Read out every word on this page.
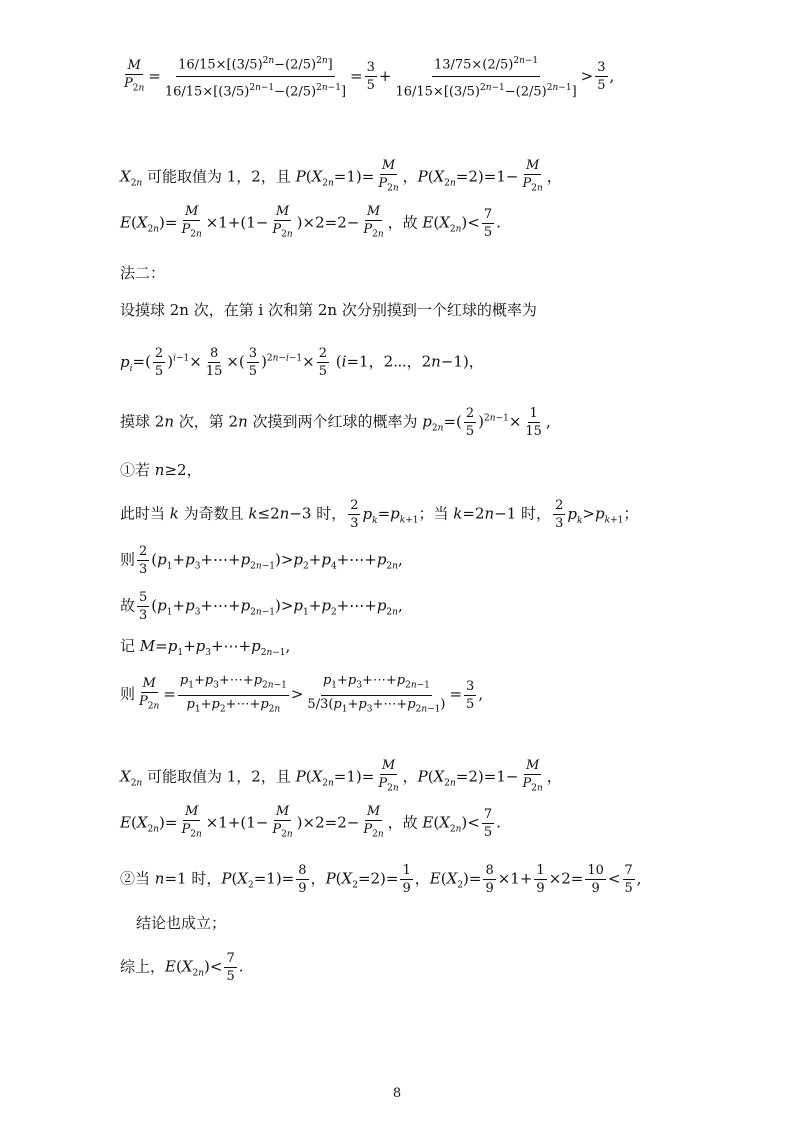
$\frac{M}{P_{2n}} = \frac{16/15\times[(3/5)^{2n}-(2/5)^{2n}]}{16/15\times[(3/5)^{2n-1}-(2/5)^{2n-1}]} = \frac{3}{5} + \frac{13/75\times(2/5)^{2n-1}}{16/15\times[(3/5)^{2n-1}-(2/5)^{2n-1}]} > \frac{3}{5}$ ,
$X_{2n}$ 可能取值为 1，2，且 $P(X_{2n}=1)= \frac{M}{P_{2n}}$ ，$P(X_{2n}=2)=1- \frac{M}{P_{2n}}$ ，
$E(X_{2n})= \frac{M}{P_{2n}} \times 1+(1- \frac{M}{P_{2n}} )\times 2=2- \frac{M}{P_{2n}}$ ，故 $E(X_{2n})< \frac{7}{5}$ .
法二：
设摸球 2n 次，在第 i 次和第 2n 次分别摸到一个红球的概率为
$p_i=( \frac{2}{5} )^{i-1}\times \frac{8}{15}$ ×( $\frac{3}{5} )^{2n-i-1}\times \frac{2}{5} (i=1$，2⋯，2n−1)，
摸球 2n 次，第 2n 次摸到两个红球的概率为 $p_{2n}=( \frac{2}{5} )^{2n-1}\times \frac{1}{15}$ ,
①若 n≥2，
此时当 k 为奇数且 k≤2n−3 时， $\frac{2}{3} p_k=p_{k+1}$；当 k=2n−1 时， $\frac{2}{3} p_k>p_{k+1}$；
则 $\frac{2}{3}$ $(p_1+p_3+\cdots+p_{2n-1})>p_2+p_4+\cdots+p_{2n}$,
故 $\frac{5}{3}$ $(p_1+p_3+\cdots+p_{2n-1})>p_1+p_2+\cdots+p_{2n}$,
记 $M=p_1+p_3+\cdots+p_{2n-1}$,
则 $\frac{M}{P_{2n}} = \frac{p_1+p_3+\cdots+p_{2n-1}}{p_1+p_2+\cdots+p_{2n}} > \frac{p_1+p_3+\cdots+p_{2n-1}}{5/3(p_1+p_3+\cdots+p_{2n-1})} = \frac{3}{5}$ ,
$X_{2n}$ 可能取值为 1，2，且 $P(X_{2n}=1)= \frac{M}{P_{2n}}$ ，$P(X_{2n}=2)=1- \frac{M}{P_{2n}}$ ，
$E(X_{2n})= \frac{M}{P_{2n}} \times 1+(1- \frac{M}{P_{2n}} )\times 2=2- \frac{M}{P_{2n}}$ ，故 $E(X_{2n})< \frac{7}{5}$ .
②当 n=1 时，$P(X_2=1)= \frac{8}{9}$ ，$P(X_2=2)= \frac{1}{9}$ ，$E(X_2)= \frac{8}{9} \times 1+ \frac{1}{9} \times 2= \frac{10}{9} < \frac{7}{5}$ ,
结论也成立；
综上，$E(X_{2n})< \frac{7}{5}$ .
8
